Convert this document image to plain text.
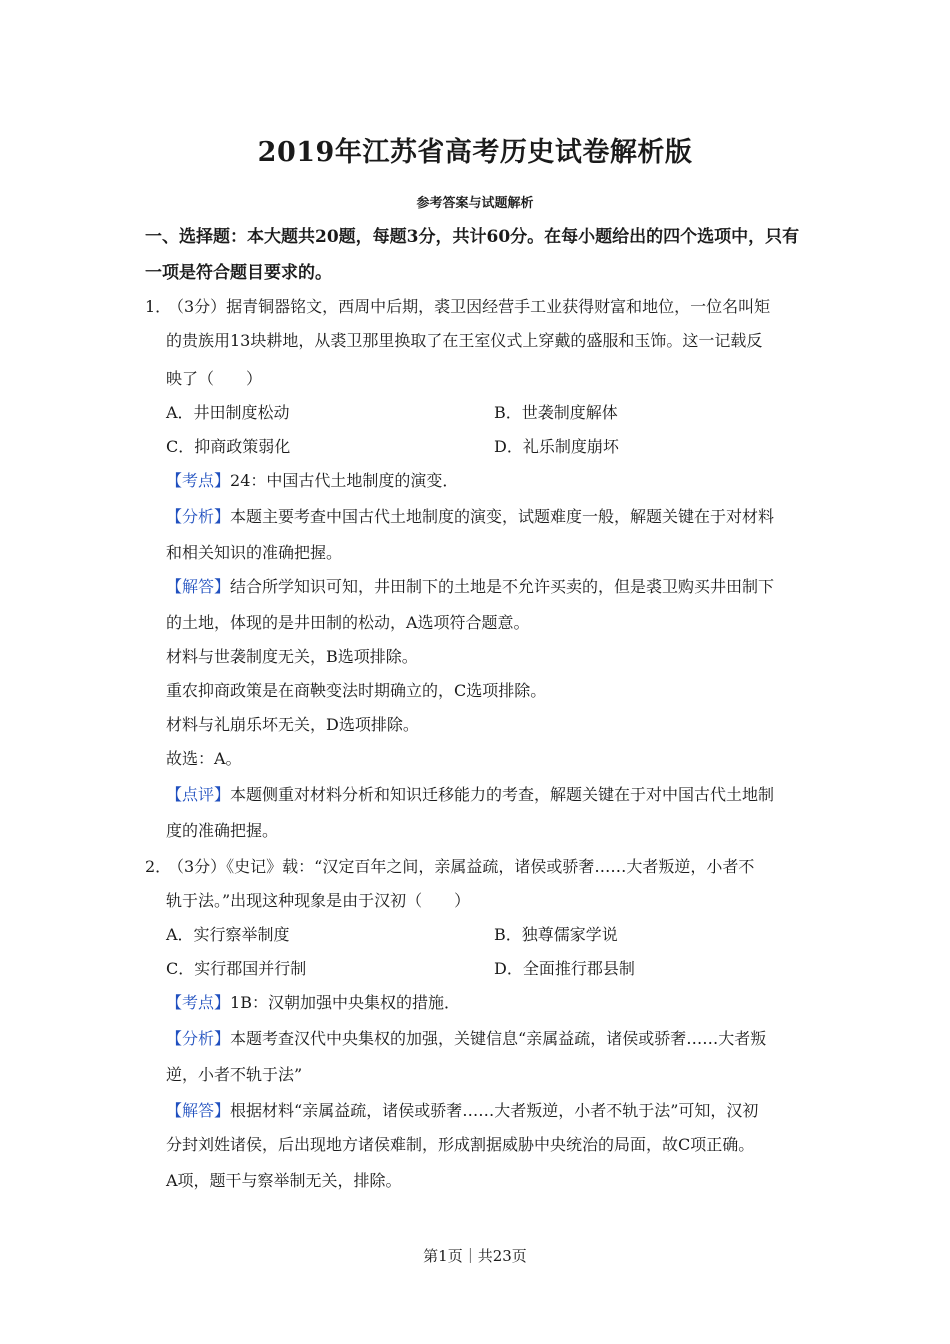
2019年江苏省高考历史试卷解析版
参考答案与试题解析
一、选择题：本大题共20题，每题3分，共计60分。在每小题给出的四个选项中，只有
一项是符合题目要求的。
1．
（3分）据青铜器铭文，西周中后期，裘卫因经营手工业获得财富和地位，一位名叫矩
的贵族用13块耕地，从裘卫那里换取了在王室仪式上穿戴的盛服和玉饰。这一记载反
映了（　　）
A．井田制度松动	B．世袭制度解体
C．抑商政策弱化	D．礼乐制度崩坏
【考点】24：中国古代土地制度的演变．
【分析】本题主要考查中国古代土地制度的演变，试题难度一般，解题关键在于对材料
和相关知识的准确把握。
【解答】结合所学知识可知，井田制下的土地是不允许买卖的，但是裘卫购买井田制下
的土地，体现的是井田制的松动，A选项符合题意。
材料与世袭制度无关，B选项排除。
重农抑商政策是在商鞅变法时期确立的，C选项排除。
材料与礼崩乐坏无关，D选项排除。
故选：A。
【点评】本题侧重对材料分析和知识迁移能力的考查，解题关键在于对中国古代土地制
度的准确把握。
2．
（3分）《史记》载：“汉定百年之间，亲属益疏，诸侯或骄奢……大者叛逆，小者不
轨于法。”出现这种现象是由于汉初（　　）
A．实行察举制度	B．独尊儒家学说
C．实行郡国并行制	D．全面推行郡县制
【考点】1B：汉朝加强中央集权的措施．
【分析】本题考查汉代中央集权的加强，关键信息“亲属益疏，诸侯或骄奢……大者叛
逆，小者不轨于法”
【解答】根据材料“亲属益疏，诸侯或骄奢……大者叛逆，小者不轨于法”可知，汉初
分封刘姓诸侯，后出现地方诸侯难制，形成割据威胁中央统治的局面，故C项正确。
A项，题干与察举制无关，排除。
第1页｜共23页
